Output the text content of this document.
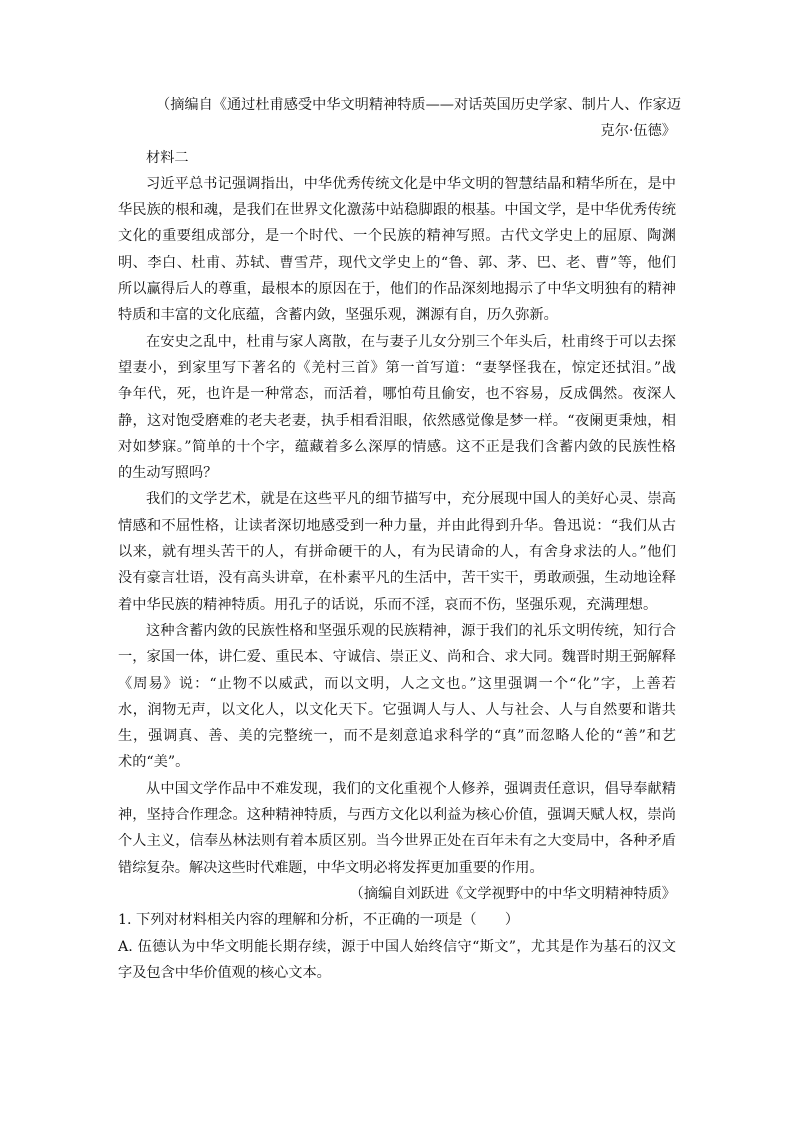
（摘编自《通过杜甫感受中华文明精神特质——对话英国历史学家、制片人、作家迈
克尔·伍德》
材料二
习近平总书记强调指出，中华优秀传统文化是中华文明的智慧结晶和精华所在，是中
华民族的根和魂，是我们在世界文化激荡中站稳脚跟的根基。中国文学，是中华优秀传统
文化的重要组成部分，是一个时代、一个民族的精神写照。古代文学史上的屈原、陶渊
明、李白、杜甫、苏轼、曹雪芹，现代文学史上的“鲁、郭、茅、巴、老、曹”等，他们
所以赢得后人的尊重，最根本的原因在于，他们的作品深刻地揭示了中华文明独有的精神
特质和丰富的文化底蕴，含蓄内敛，坚强乐观，渊源有自，历久弥新。
在安史之乱中，杜甫与家人离散，在与妻子儿女分别三个年头后，杜甫终于可以去探
望妻小，到家里写下著名的《羌村三首》第一首写道：“妻孥怪我在，惊定还拭泪。”战
争年代，死，也许是一种常态，而活着，哪怕苟且偷安，也不容易，反成偶然。夜深人
静，这对饱受磨难的老夫老妻，执手相看泪眼，依然感觉像是梦一样。“夜阑更秉烛，相
对如梦寐。”简单的十个字，蕴藏着多么深厚的情感。这不正是我们含蓄内敛的民族性格
的生动写照吗？
我们的文学艺术，就是在这些平凡的细节描写中，充分展现中国人的美好心灵、崇高
情感和不屈性格，让读者深切地感受到一种力量，并由此得到升华。鲁迅说：“我们从古
以来，就有埋头苦干的人，有拼命硬干的人，有为民请命的人，有舍身求法的人。”他们
没有豪言壮语，没有高头讲章，在朴素平凡的生活中，苦干实干，勇敢顽强，生动地诠释
着中华民族的精神特质。用孔子的话说，乐而不淫，哀而不伤，坚强乐观，充满理想。
这种含蓄内敛的民族性格和坚强乐观的民族精神，源于我们的礼乐文明传统，知行合
一，家国一体，讲仁爱、重民本、守诚信、崇正义、尚和合、求大同。魏晋时期王弼解释
《周易》说：“止物不以威武，而以文明，人之文也。”这里强调一个“化”字，上善若
水，润物无声，以文化人，以文化天下。它强调人与人、人与社会、人与自然要和谐共
生，强调真、善、美的完整统一，而不是刻意追求科学的“真”而忽略人伦的“善”和艺
术的“美”。
从中国文学作品中不难发现，我们的文化重视个人修养，强调责任意识，倡导奉献精
神，坚持合作理念。这种精神特质，与西方文化以利益为核心价值，强调天赋人权，崇尚
个人主义，信奉丛林法则有着本质区别。当今世界正处在百年未有之大变局中，各种矛盾
错综复杂。解决这些时代难题，中华文明必将发挥更加重要的作用。
（摘编自刘跃进《文学视野中的中华文明精神特质》
1. 下列对材料相关内容的理解和分析，不正确的一项是（　　）
A. 伍德认为中华文明能长期存续，源于中国人始终信守“斯文”，尤其是作为基石的汉文
字及包含中华价值观的核心文本。
